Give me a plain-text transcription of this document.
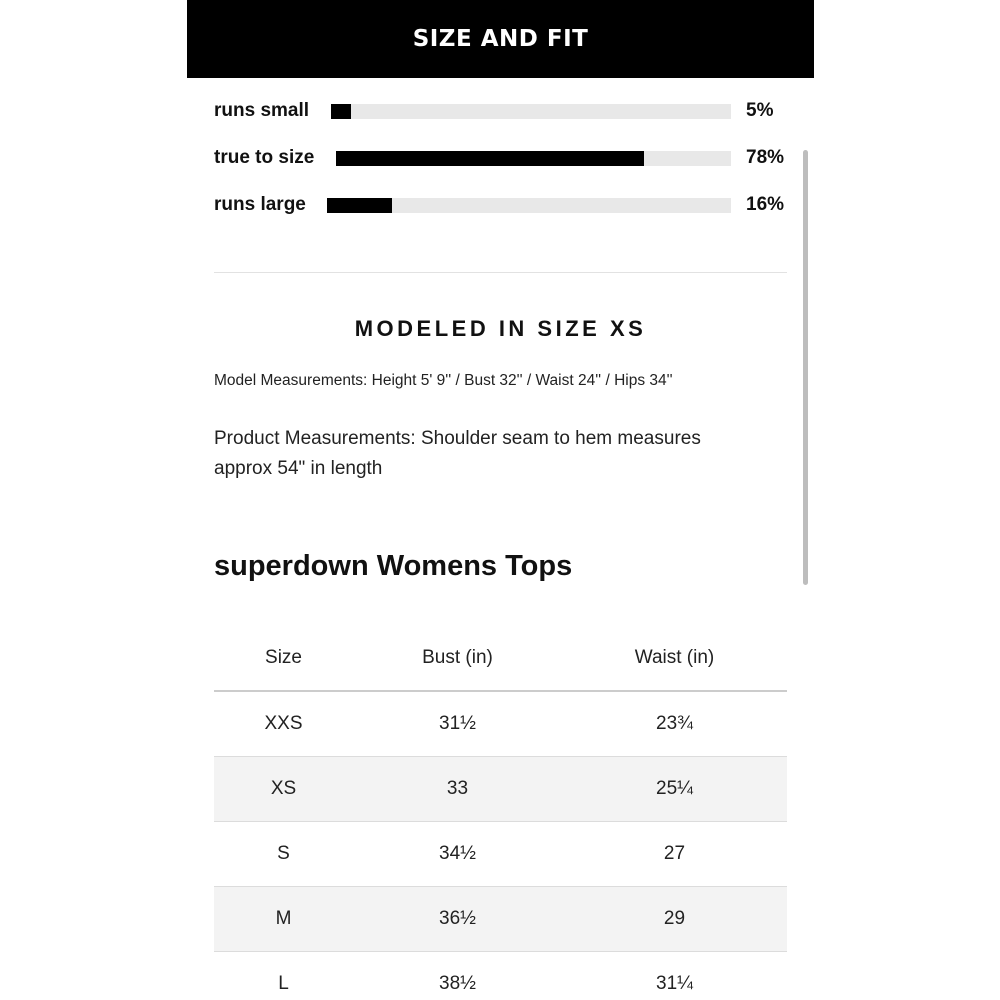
SIZE AND FIT
runs small	5%
true to size	78%
runs large	16%
MODELED IN SIZE XS
Model Measurements: Height 5' 9'' / Bust 32'' / Waist 24'' / Hips 34''
Product Measurements: Shoulder seam to hem measures approx 54" in length
superdown Womens Tops
Size	Bust (in)	Waist (in)
XXS	31½	23¾
XS	33	25¼
S	34½	27
M	36½	29
L	38½	31¼
